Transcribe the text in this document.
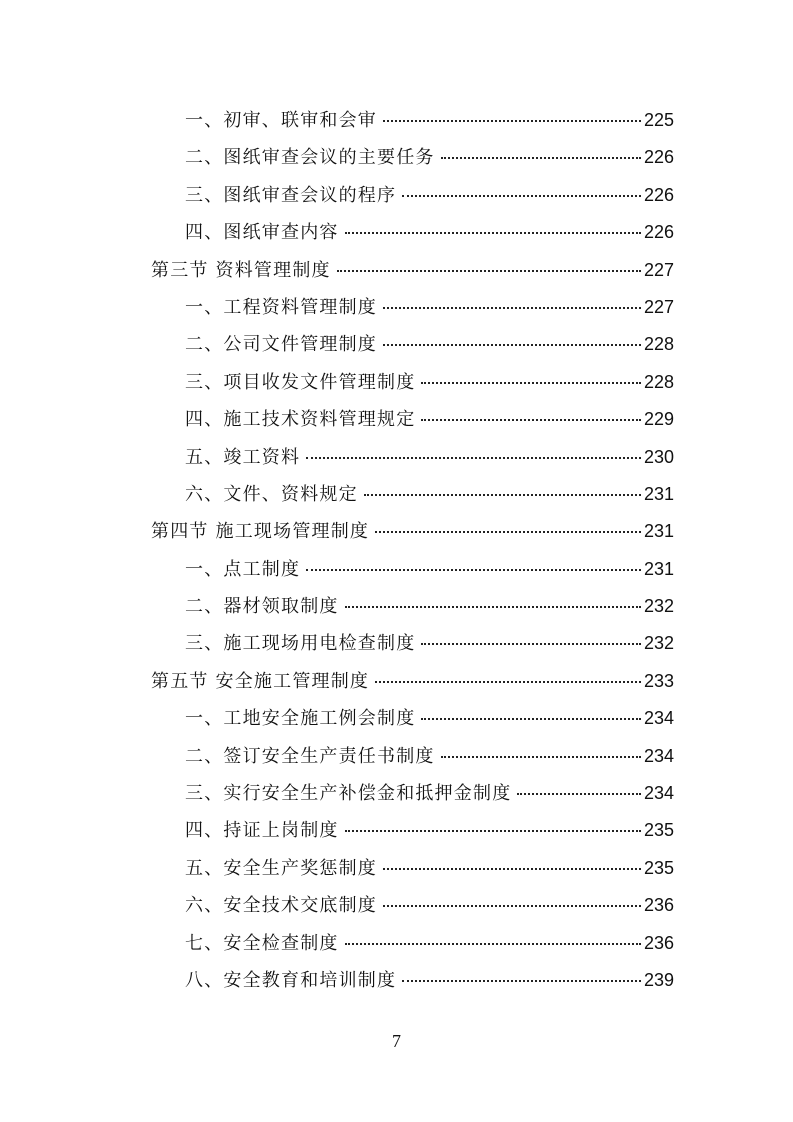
一、初审、联审和会审	225
二、图纸审查会议的主要任务	226
三、图纸审查会议的程序	226
四、图纸审查内容	226
第三节 资料管理制度	227
一、工程资料管理制度	227
二、公司文件管理制度	228
三、项目收发文件管理制度	228
四、施工技术资料管理规定	229
五、竣工资料	230
六、文件、资料规定	231
第四节 施工现场管理制度	231
一、点工制度	231
二、器材领取制度	232
三、施工现场用电检查制度	232
第五节 安全施工管理制度	233
一、工地安全施工例会制度	234
二、签订安全生产责任书制度	234
三、实行安全生产补偿金和抵押金制度	234
四、持证上岗制度	235
五、安全生产奖惩制度	235
六、安全技术交底制度	236
七、安全检查制度	236
八、安全教育和培训制度	239
7
